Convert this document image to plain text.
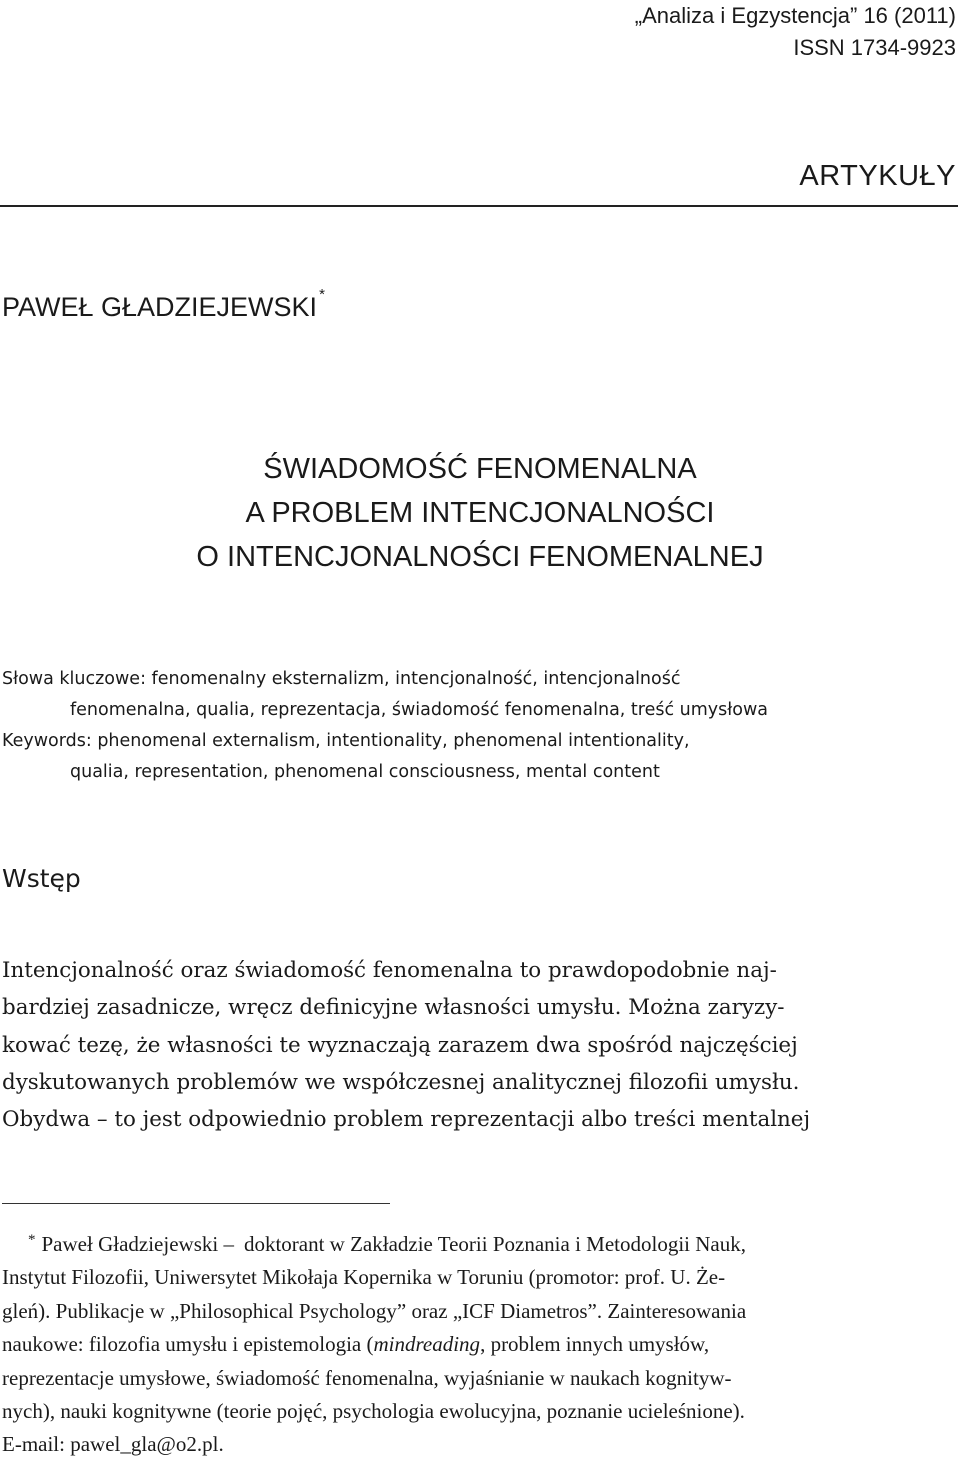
„Analiza i Egzystencja” 16 (2011)
ISSN 1734-9923
ARTYKUŁY
PAWEŁ GŁADZIEJEWSKI *
ŚWIADOMOŚĆ FENOMENALNA
A PROBLEM INTENCJONALNOŚCI
O INTENCJONALNOŚCI FENOMENALNEJ
Słowa kluczowe: fenomenalny eksternalizm, intencjonalność, intencjonalność
fenomenalna, qualia, reprezentacja, świadomość fenomenalna, treść umysłowa
Keywords: phenomenal externalism, intentionality, phenomenal intentionality,
qualia, representation, phenomenal consciousness, mental content
Wstęp
Intencjonalność oraz świadomość fenomenalna to prawdopodobnie naj-
bardziej zasadnicze, wręcz definicyjne własności umysłu. Można zaryzy-
kować tezę, że własności te wyznaczają zarazem dwa spośród najczęściej
dyskutowanych problemów we współczesnej analitycznej filozofii umysłu.
Obydwa – to jest odpowiednio problem reprezentacji albo treści mentalnej
* Paweł Gładziejewski – doktorant w Zakładzie Teorii Poznania i Metodologii Nauk,
Instytut Filozofii, Uniwersytet Mikołaja Kopernika w Toruniu (promotor: prof. U. Że-
gleń). Publikacje w „Philosophical Psychology” oraz „ICF Diametros”. Zainteresowania
naukowe: filozofia umysłu i epistemologia (mindreading, problem innych umysłów,
reprezentacje umysłowe, świadomość fenomenalna, wyjaśnianie w naukach kognityw-
nych), nauki kognitywne (teorie pojęć, psychologia ewolucyjna, poznanie ucieleśnione).
E-mail: pawel_gla@o2.pl.
